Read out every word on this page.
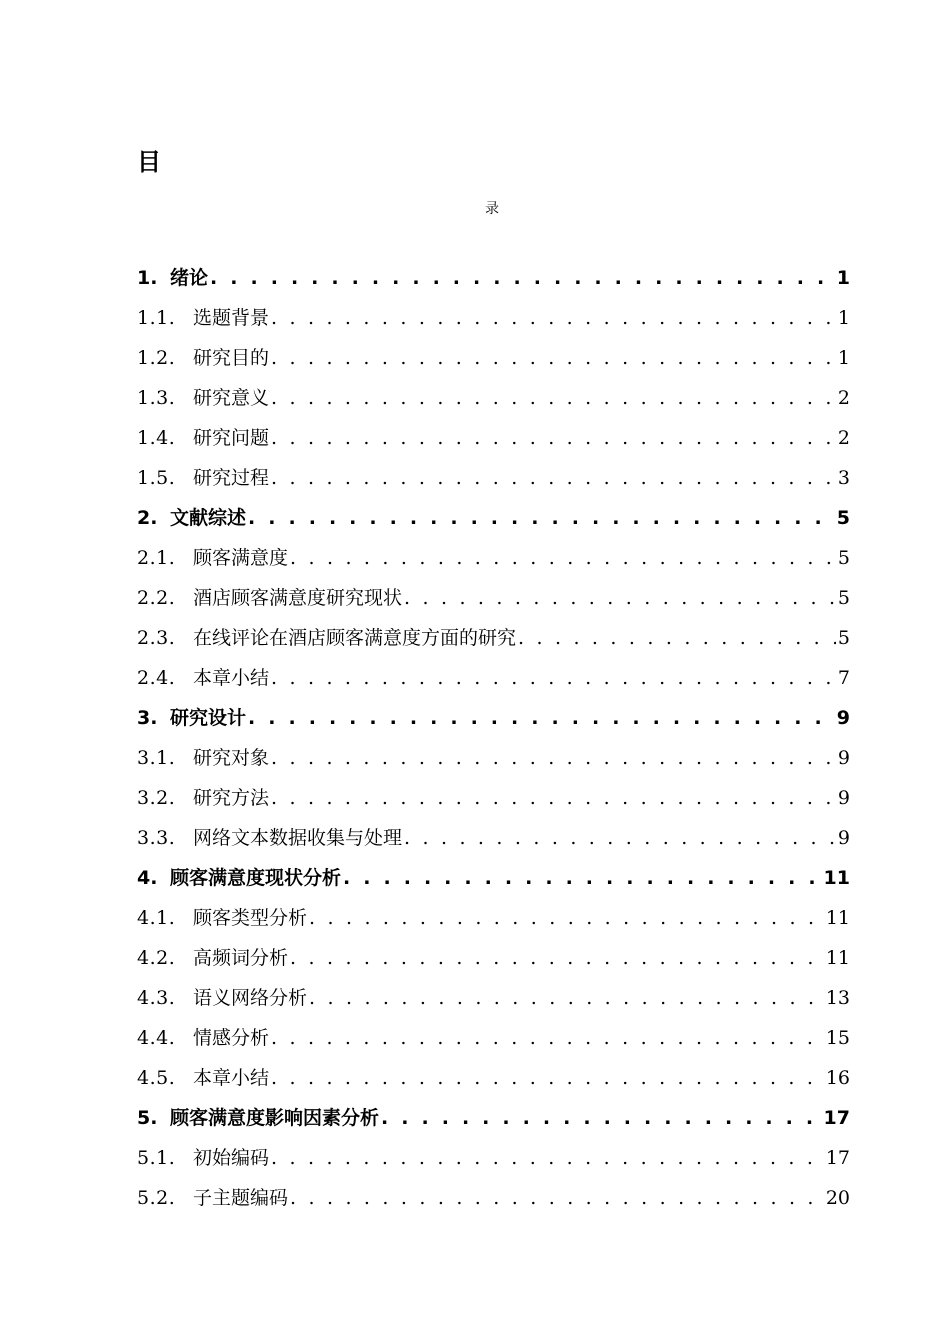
目
录
1. 绪论 . . .	1
1.1. 选题背景 . . .	1
1.2. 研究目的 . . .	1
1.3. 研究意义 . . .	2
1.4. 研究问题 . . .	2
1.5. 研究过程 . . .	3
2. 文献综述 . . .	5
2.1. 顾客满意度 . . .	5
2.2. 酒店顾客满意度研究现状 . . .	5
2.3. 在线评论在酒店顾客满意度方面的研究 . . .	5
2.4. 本章小结 . . .	7
3. 研究设计 . . .	9
3.1. 研究对象 . . .	9
3.2. 研究方法 . . .	9
3.3. 网络文本数据收集与处理 . . .	9
4. 顾客满意度现状分析 . . .	11
4.1. 顾客类型分析 . . .	11
4.2. 高频词分析 . . .	11
4.3. 语义网络分析 . . .	13
4.4. 情感分析 . . .	15
4.5. 本章小结 . . .	16
5. 顾客满意度影响因素分析 . . .	17
5.1. 初始编码 . . .	17
5.2. 子主题编码 . . .	20
